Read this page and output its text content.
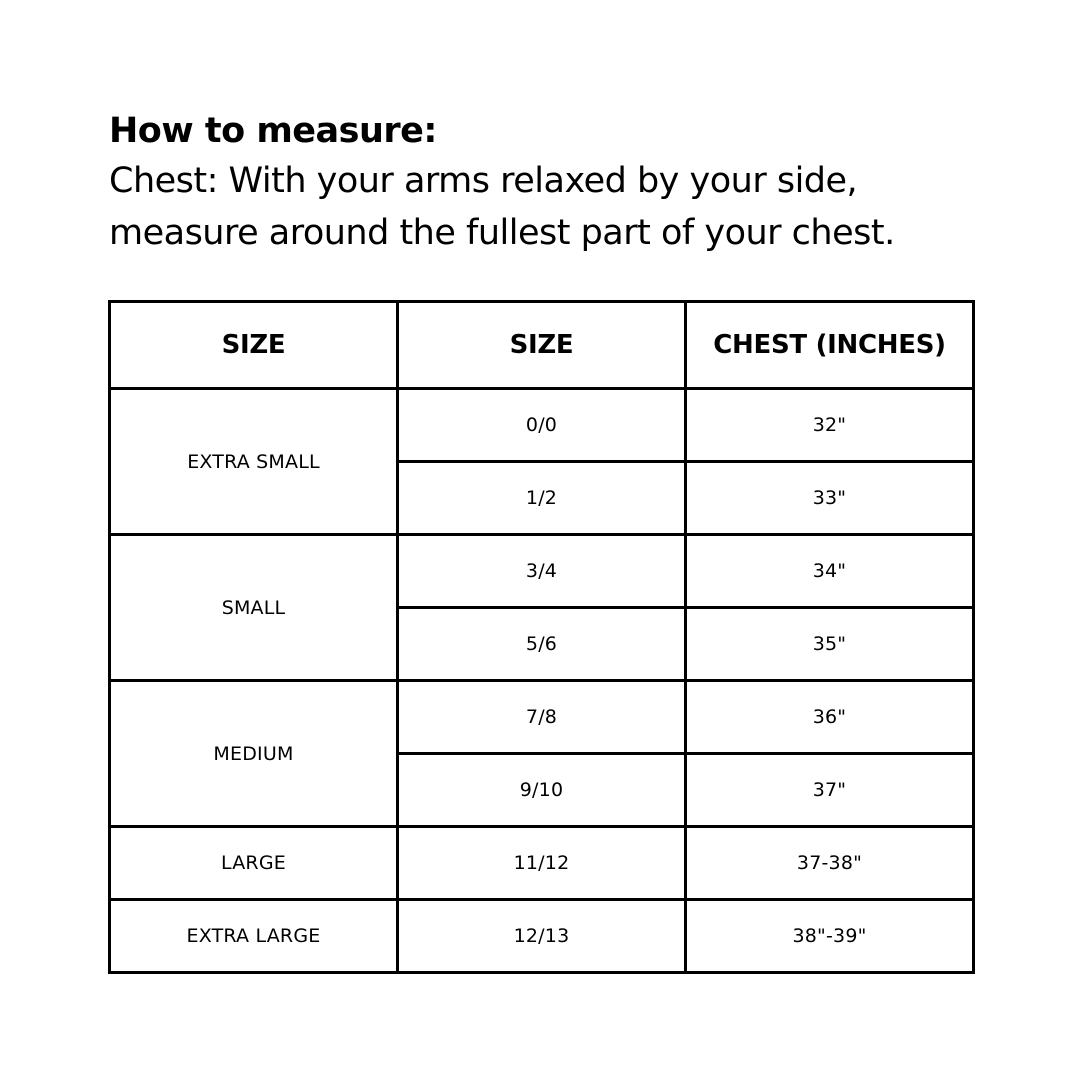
How to measure:

Chest: With your arms relaxed by your side,

measure around the fullest part of your chest.

SIZE	SIZE	CHEST (INCHES)
EXTRA SMALL	0/0	32"
	1/2	33"
SMALL	3/4	34"
	5/6	35"
MEDIUM	7/8	36"
	9/10	37"
LARGE	11/12	37-38"
EXTRA LARGE	12/13	38"-39"
